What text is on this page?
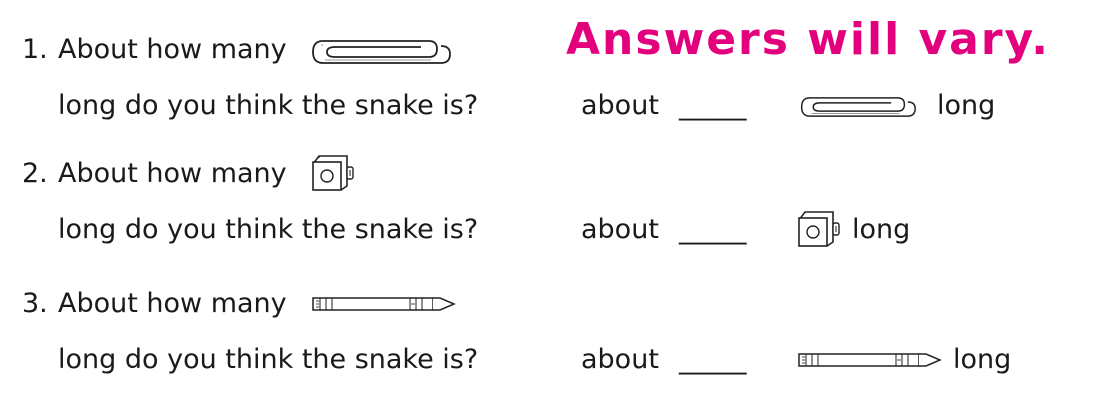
Answers will vary.
1. About how many
long do you think the snake is?	about _____	long
2. About how many
long do you think the snake is?	about _____	long
3. About how many
long do you think the snake is?	about _____	long
